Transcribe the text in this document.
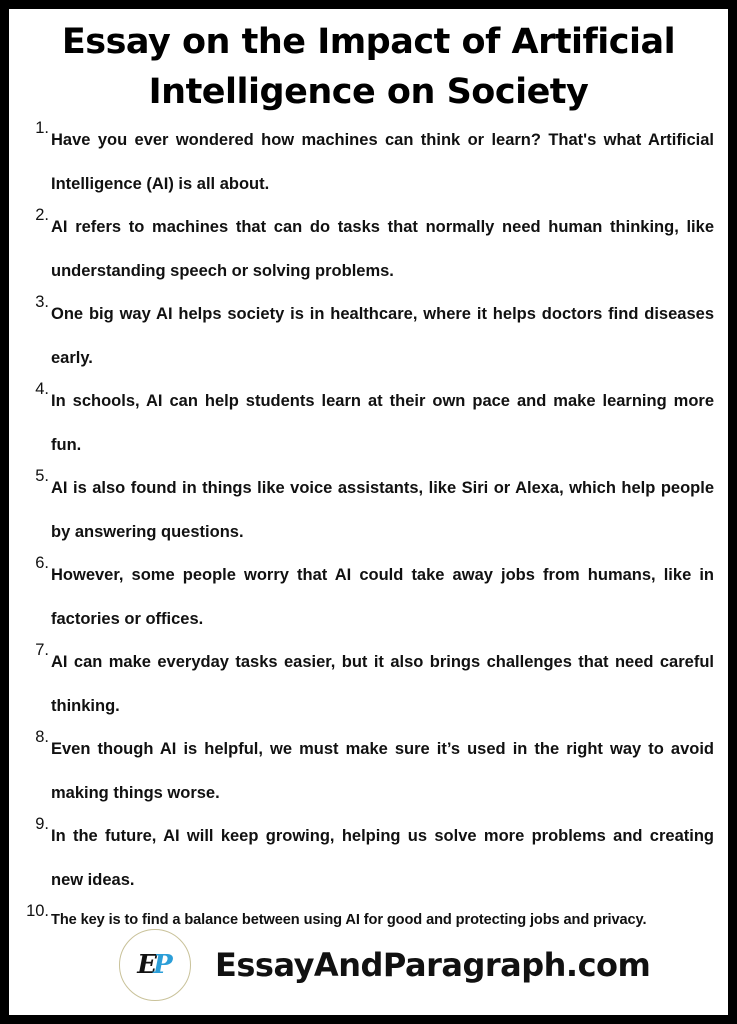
Essay on the Impact of Artificial
Intelligence on Society
1.
Have you ever wondered how machines can think or learn? That's what Artificial Intelligence (AI) is all about.
2.
AI refers to machines that can do tasks that normally need human thinking, like understanding speech or solving problems.
3.
One big way AI helps society is in healthcare, where it helps doctors find diseases early.
4.
In schools, AI can help students learn at their own pace and make learning more fun.
5.
AI is also found in things like voice assistants, like Siri or Alexa, which help people by answering questions.
6.
However, some people worry that AI could take away jobs from humans, like in factories or offices.
7.
AI can make everyday tasks easier, but it also brings challenges that need careful thinking.
8.
Even though AI is helpful, we must make sure it’s used in the right way to avoid making things worse.
9.
In the future, AI will keep growing, helping us solve more problems and creating new ideas.
10. The key is to find a balance between using AI for good and protecting jobs and privacy.
E
P EssayAndParagraph.com
